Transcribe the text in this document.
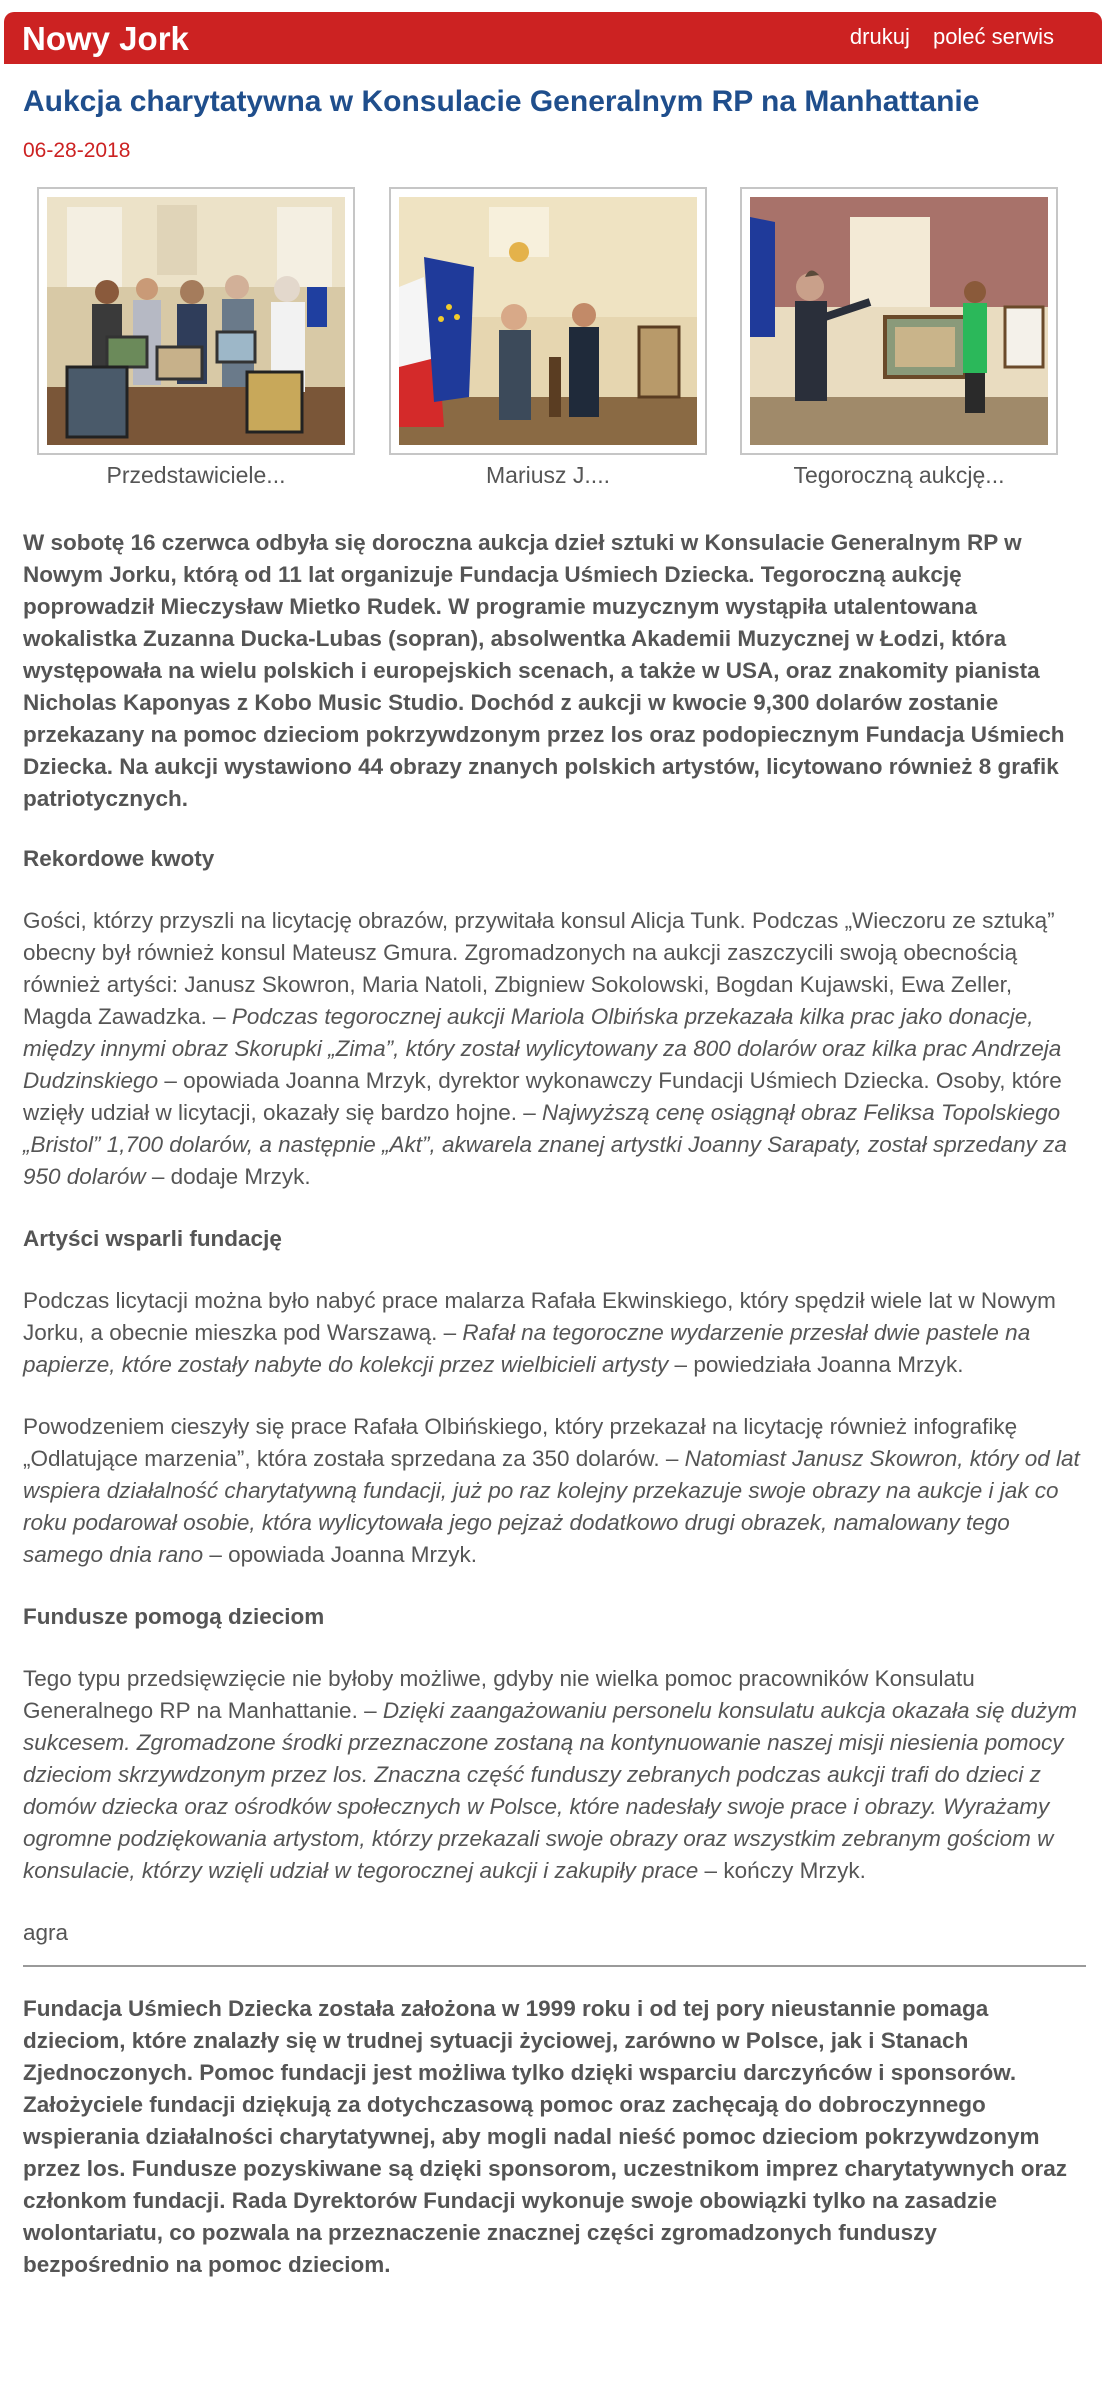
Nowy Jork	drukuj poleć serwis
Aukcja charytatywna w Konsulacie Generalnym RP na Manhattanie
06-28-2018
Przedstawiciele...	Mariusz J....	Tegoroczną aukcję...

W sobotę 16 czerwca odbyła się doroczna aukcja dzieł sztuki w Konsulacie Generalnym RP w Nowym Jorku, którą od 11 lat organizuje Fundacja Uśmiech Dziecka. Tegoroczną aukcję poprowadził Mieczysław Mietko Rudek. W programie muzycznym wystąpiła utalentowana wokalistka Zuzanna Ducka-Lubas (sopran), absolwentka Akademii Muzycznej w Łodzi, która występowała na wielu polskich i europejskich scenach, a także w USA, oraz znakomity pianista Nicholas Kaponyas z Kobo Music Studio. Dochód z aukcji w kwocie 9,300 dolarów zostanie przekazany na pomoc dzieciom pokrzywdzonym przez los oraz podopiecznym Fundacja Uśmiech Dziecka. Na aukcji wystawiono 44 obrazy znanych polskich artystów, licytowano również 8 grafik patriotycznych.

Rekordowe kwoty

Gości, którzy przyszli na licytację obrazów, przywitała konsul Alicja Tunk. Podczas „Wieczoru ze sztuką” obecny był również konsul Mateusz Gmura. Zgromadzonych na aukcji zaszczycili swoją obecnością również artyści: Janusz Skowron, Maria Natoli, Zbigniew Sokolowski, Bogdan Kujawski, Ewa Zeller, Magda Zawadzka. – Podczas tegorocznej aukcji Mariola Olbińska przekazała kilka prac jako donacje, między innymi obraz Skorupki „Zima”, który został wylicytowany za 800 dolarów oraz kilka prac Andrzeja Dudzinskiego – opowiada Joanna Mrzyk, dyrektor wykonawczy Fundacji Uśmiech Dziecka. Osoby, które wzięły udział w licytacji, okazały się bardzo hojne. – Najwyższą cenę osiągnął obraz Feliksa Topolskiego „Bristol” 1,700 dolarów, a następnie „Akt”, akwarela znanej artystki Joanny Sarapaty, został sprzedany za 950 dolarów – dodaje Mrzyk.

Artyści wsparli fundację

Podczas licytacji można było nabyć prace malarza Rafała Ekwinskiego, który spędził wiele lat w Nowym Jorku, a obecnie mieszka pod Warszawą. – Rafał na tegoroczne wydarzenie przesłał dwie pastele na papierze, które zostały nabyte do kolekcji przez wielbicieli artysty – powiedziała Joanna Mrzyk.

Powodzeniem cieszyły się prace Rafała Olbińskiego, który przekazał na licytację również infografikę „Odlatujące marzenia”, która została sprzedana za 350 dolarów. – Natomiast Janusz Skowron, który od lat wspiera działalność charytatywną fundacji, już po raz kolejny przekazuje swoje obrazy na aukcje i jak co roku podarował osobie, która wylicytowała jego pejzaż dodatkowo drugi obrazek, namalowany tego samego dnia rano – opowiada Joanna Mrzyk.

Fundusze pomogą dzieciom

Tego typu przedsięwzięcie nie byłoby możliwe, gdyby nie wielka pomoc pracowników Konsulatu Generalnego RP na Manhattanie. – Dzięki zaangażowaniu personelu konsulatu aukcja okazała się dużym sukcesem. Zgromadzone środki przeznaczone zostaną na kontynuowanie naszej misji niesienia pomocy dzieciom skrzywdzonym przez los. Znaczna część funduszy zebranych podczas aukcji trafi do dzieci z domów dziecka oraz ośrodków społecznych w Polsce, które nadesłały swoje prace i obrazy. Wyrażamy ogromne podziękowania artystom, którzy przekazali swoje obrazy oraz wszystkim zebranym gościom w konsulacie, którzy wzięli udział w tegorocznej aukcji i zakupiły prace – kończy Mrzyk.

agra

Fundacja Uśmiech Dziecka została założona w 1999 roku i od tej pory nieustannie pomaga dzieciom, które znalazły się w trudnej sytuacji życiowej, zarówno w Polsce, jak i Stanach Zjednoczonych. Pomoc fundacji jest możliwa tylko dzięki wsparciu darczyńców i sponsorów. Założyciele fundacji dziękują za dotychczasową pomoc oraz zachęcają do dobroczynnego wspierania działalności charytatywnej, aby mogli nadal nieść pomoc dzieciom pokrzywdzonym przez los. Fundusze pozyskiwane są dzięki sponsorom, uczestnikom imprez charytatywnych oraz członkom fundacji. Rada Dyrektorów Fundacji wykonuje swoje obowiązki tylko na zasadzie wolontariatu, co pozwala na przeznaczenie znacznej części zgromadzonych funduszy bezpośrednio na pomoc dzieciom.
